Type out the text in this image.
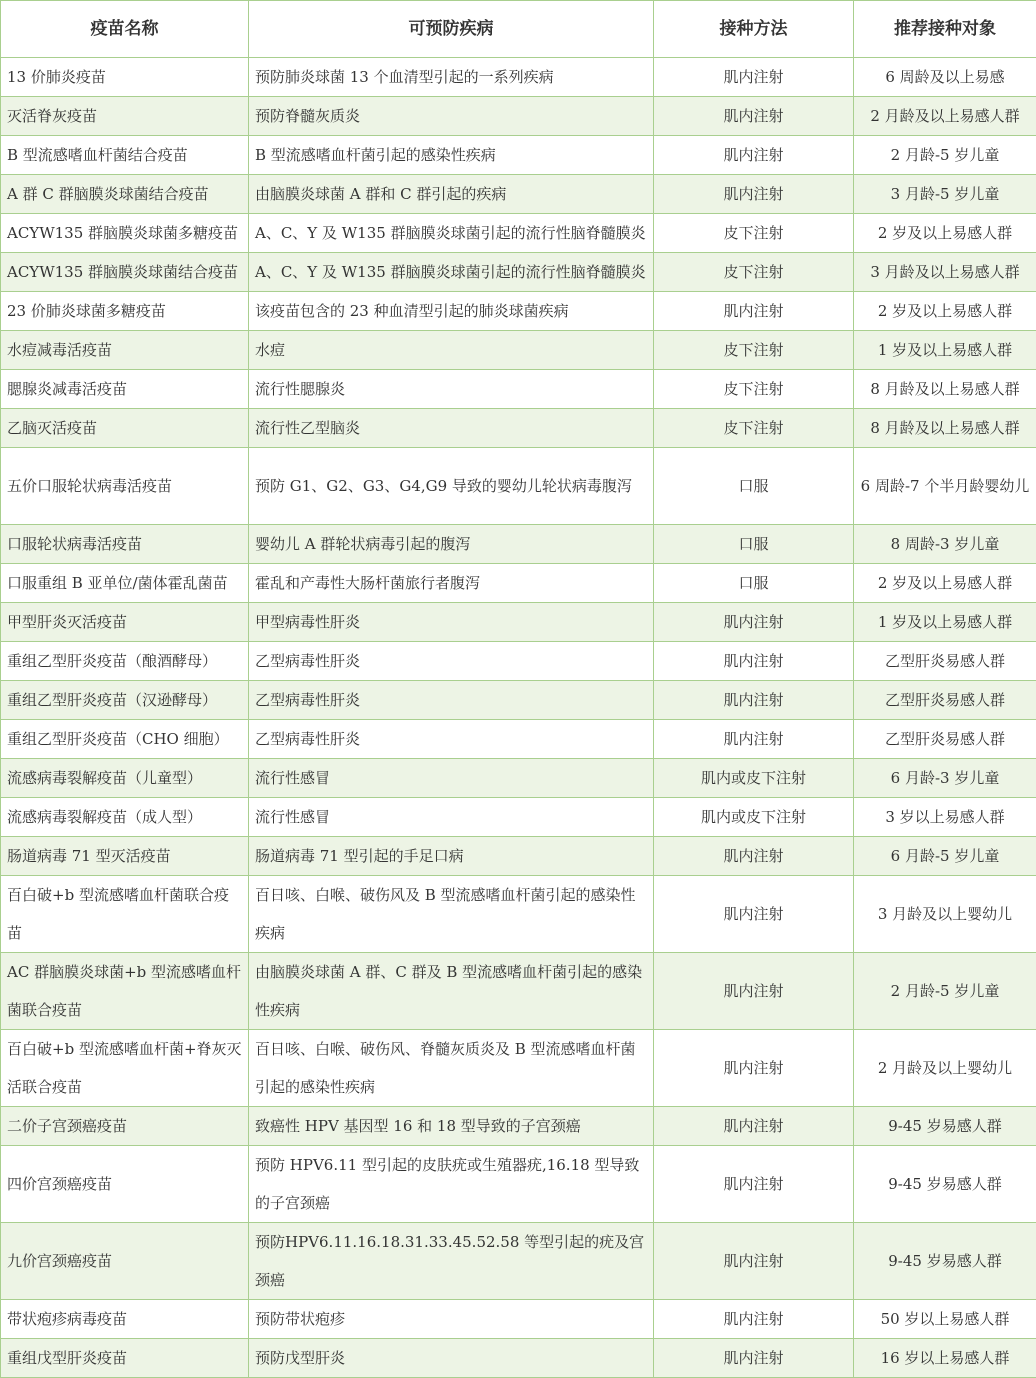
疫苗名称	可预防疾病	接种方法	推荐接种对象
13 价肺炎疫苗	预防肺炎球菌 13 个血清型引起的一系列疾病	肌内注射	6 周龄及以上易感
灭活脊灰疫苗	预防脊髓灰质炎	肌内注射	2 月龄及以上易感人群
B 型流感嗜血杆菌结合疫苗	B 型流感嗜血杆菌引起的感染性疾病	肌内注射	2 月龄-5 岁儿童
A 群 C 群脑膜炎球菌结合疫苗	由脑膜炎球菌 A 群和 C 群引起的疾病	肌内注射	3 月龄-5 岁儿童
ACYW135 群脑膜炎球菌多糖疫苗	A、C、Y 及 W135 群脑膜炎球菌引起的流行性脑脊髓膜炎	皮下注射	2 岁及以上易感人群
ACYW135 群脑膜炎球菌结合疫苗	A、C、Y 及 W135 群脑膜炎球菌引起的流行性脑脊髓膜炎	皮下注射	3 月龄及以上易感人群
23 价肺炎球菌多糖疫苗	该疫苗包含的 23 种血清型引起的肺炎球菌疾病	肌内注射	2 岁及以上易感人群
水痘减毒活疫苗	水痘	皮下注射	1 岁及以上易感人群
腮腺炎减毒活疫苗	流行性腮腺炎	皮下注射	8 月龄及以上易感人群
乙脑灭活疫苗	流行性乙型脑炎	皮下注射	8 月龄及以上易感人群
五价口服轮状病毒活疫苗	预防 G1、G2、G3、G4,G9 导致的婴幼儿轮状病毒腹泻	口服	6 周龄-7 个半月龄婴幼儿
口服轮状病毒活疫苗	婴幼儿 A 群轮状病毒引起的腹泻	口服	8 周龄-3 岁儿童
口服重组 B 亚单位/菌体霍乱菌苗	霍乱和产毒性大肠杆菌旅行者腹泻	口服	2 岁及以上易感人群
甲型肝炎灭活疫苗	甲型病毒性肝炎	肌内注射	1 岁及以上易感人群
重组乙型肝炎疫苗（酿酒酵母）	乙型病毒性肝炎	肌内注射	乙型肝炎易感人群
重组乙型肝炎疫苗（汉逊酵母）	乙型病毒性肝炎	肌内注射	乙型肝炎易感人群
重组乙型肝炎疫苗（CHO 细胞）	乙型病毒性肝炎	肌内注射	乙型肝炎易感人群
流感病毒裂解疫苗（儿童型）	流行性感冒	肌内或皮下注射	6 月龄-3 岁儿童
流感病毒裂解疫苗（成人型）	流行性感冒	肌内或皮下注射	3 岁以上易感人群
肠道病毒 71 型灭活疫苗	肠道病毒 71 型引起的手足口病	肌内注射	6 月龄-5 岁儿童
百白破+b 型流感嗜血杆菌联合疫苗	百日咳、白喉、破伤风及 B 型流感嗜血杆菌引起的感染性疾病	肌内注射	3 月龄及以上婴幼儿
AC 群脑膜炎球菌+b 型流感嗜血杆菌联合疫苗	由脑膜炎球菌 A 群、C 群及 B 型流感嗜血杆菌引起的感染性疾病	肌内注射	2 月龄-5 岁儿童
百白破+b 型流感嗜血杆菌+脊灰灭活联合疫苗	百日咳、白喉、破伤风、脊髓灰质炎及 B 型流感嗜血杆菌引起的感染性疾病	肌内注射	2 月龄及以上婴幼儿
二价子宫颈癌疫苗	致癌性 HPV 基因型 16 和 18 型导致的子宫颈癌	肌内注射	9-45 岁易感人群
四价宫颈癌疫苗	预防 HPV6.11 型引起的皮肤疣或生殖器疣,16.18 型导致的子宫颈癌	肌内注射	9-45 岁易感人群
九价宫颈癌疫苗	预防HPV6.11.16.18.31.33.45.52.58 等型引起的疣及宫颈癌	肌内注射	9-45 岁易感人群
带状疱疹病毒疫苗	预防带状疱疹	肌内注射	50 岁以上易感人群
重组戊型肝炎疫苗	预防戊型肝炎	肌内注射	16 岁以上易感人群
